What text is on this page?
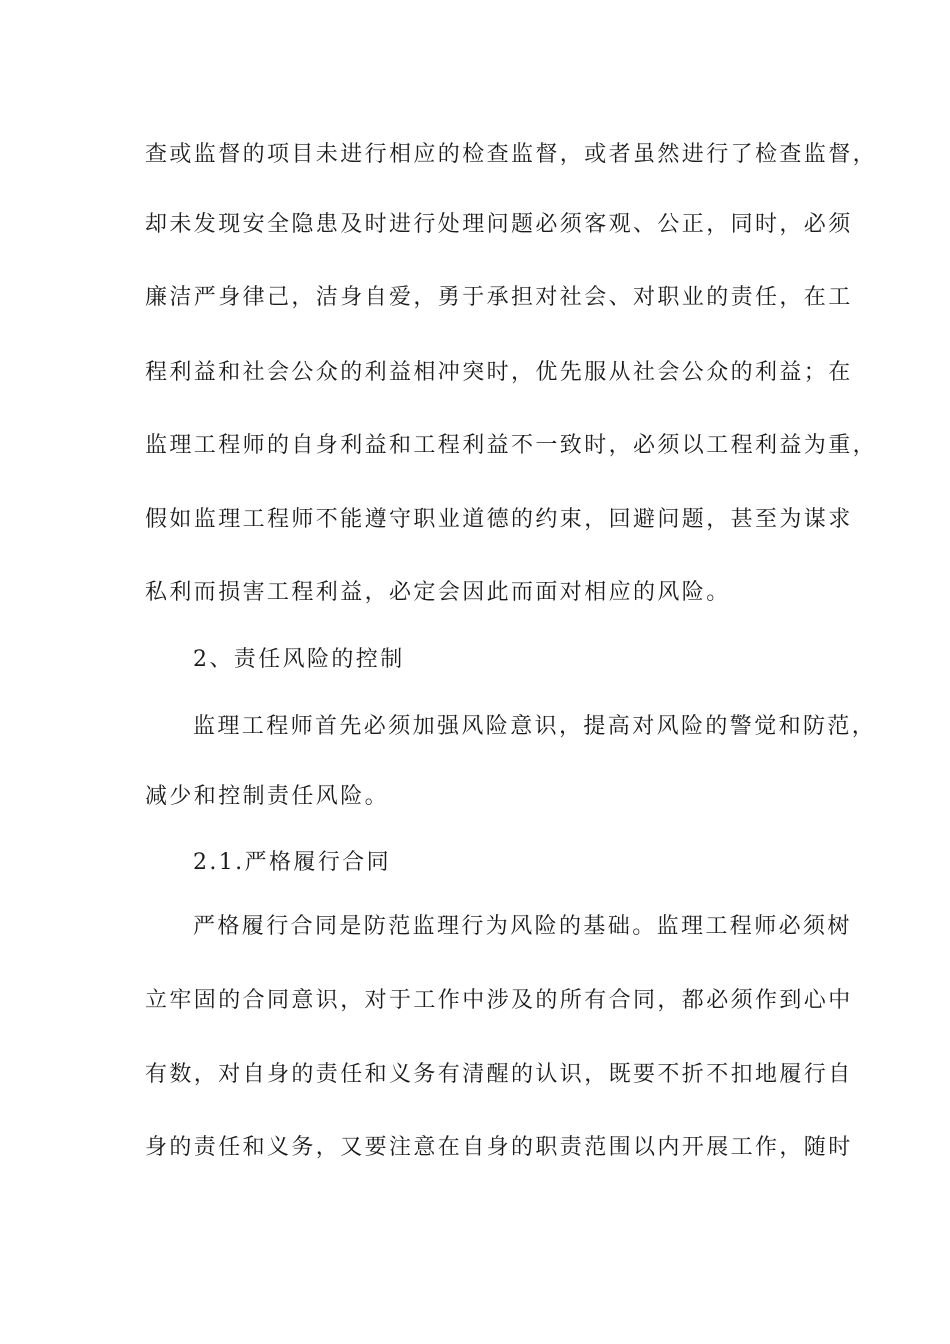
查或监督的项目未进行相应的检查监督，或者虽然进行了检查监督，
却未发现安全隐患及时进行处理问题必须客观、公正，同时，必须
廉洁严身律己，洁身自爱，勇于承担对社会、对职业的责任，在工
程利益和社会公众的利益相冲突时，优先服从社会公众的利益；在
监理工程师的自身利益和工程利益不一致时，必须以工程利益为重，
假如监理工程师不能遵守职业道德的约束，回避问题，甚至为谋求
私利而损害工程利益，必定会因此而面对相应的风险。
2、责任风险的控制
监理工程师首先必须加强风险意识，提高对风险的警觉和防范，
减少和控制责任风险。
2.1.严格履行合同
严格履行合同是防范监理行为风险的基础。监理工程师必须树
立牢固的合同意识，对于工作中涉及的所有合同，都必须作到心中
有数，对自身的责任和义务有清醒的认识，既要不折不扣地履行自
身的责任和义务，又要注意在自身的职责范围以内开展工作，随时
